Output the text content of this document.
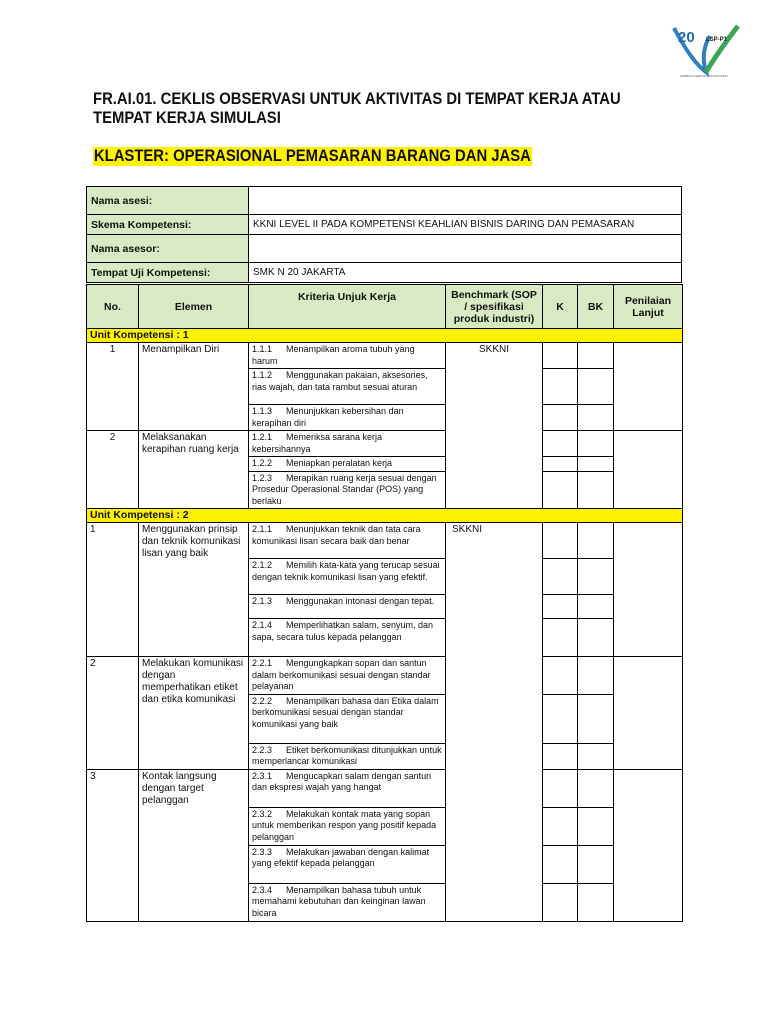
20 LSP-P1
LEMBAGA SERTIFIKASI PROFESI
FR.AI.01. CEKLIS OBSERVASI UNTUK AKTIVITAS DI TEMPAT KERJA ATAU TEMPAT KERJA SIMULASI
KLASTER: OPERASIONAL PEMASARAN BARANG DAN JASA
Nama asesi:	
Skema Kompetensi:	KKNI LEVEL II PADA KOMPETENSI KEAHLIAN BISNIS DARING DAN PEMASARAN
Nama asesor:	
Tempat Uji Kompetensi:	SMK N 20 JAKARTA
No.	Elemen	Kriteria Unjuk Kerja	Benchmark (SOP / spesifikasi produk industri)	K	BK	Penilaian Lanjut
Unit Kompetensi : 1						
1	Menampilkan Diri	1.1.1 Menampilkan aroma tubuh yang harum	SKKNI			
		1.1.2 Menggunakan pakaian, aksesories, rias wajah, dan tata rambut sesuai aturan				
		1.1.3 Menunjukkan kebersihan dan kerapihan diri				
2	Melaksanakan kerapihan ruang kerja	1.2.1 Memeriksa sarana kerja kebersihannya				
		1.2.2 Meniapkan peralatan kerja				
		1.2.3 Merapikan ruang kerja sesuai dengan Prosedur Operasional Standar (POS) yang berlaku				
Unit Kompetensi : 2						
1	Menggunakan prinsip dan teknik komunikasi lisan yang baik	2.1.1 Menunjukkan teknik dan tata cara komunikasi lisan secara baik dan benar	SKKNI			
		2.1.2 Memilih kata-kata yang terucap sesuai dengan teknik komunikasi lisan yang efektif.				
		2.1.3 Menggunakan intonasi dengan tepat.				
		2.1.4 Memperlihatkan salam, senyum, dan sapa, secara tulus kepada pelanggan				
2	Melakukan komunikasi dengan memperhatikan etiket dan etika komunikasi	2.2.1 Mengungkapkan sopan dan santun dalam berkomunikasi sesuai dengan standar pelayanan				
		2.2.2 Menampilkan bahasa dan Etika dalam berkomunikasi sesuai dengan standar komunikasi yang baik				
		2.2.3 Etiket berkomunikasi ditunjukkan untuk memperlancar komunikasi				
3	Kontak langsung dengan target pelanggan	2.3.1 Mengucapkan salam dengan santun dan ekspresi wajah yang hangat				
		2.3.2 Melakukan kontak mata yang sopan untuk memberikan respon yang positif kepada pelanggan				
		2.3.3 Melakukan jawaban dengan kalimat yang efektif kepada pelanggan				
		2.3.4 Menampilkan bahasa tubuh untuk memahami kebutuhan dan keinginan lawan bicara				
